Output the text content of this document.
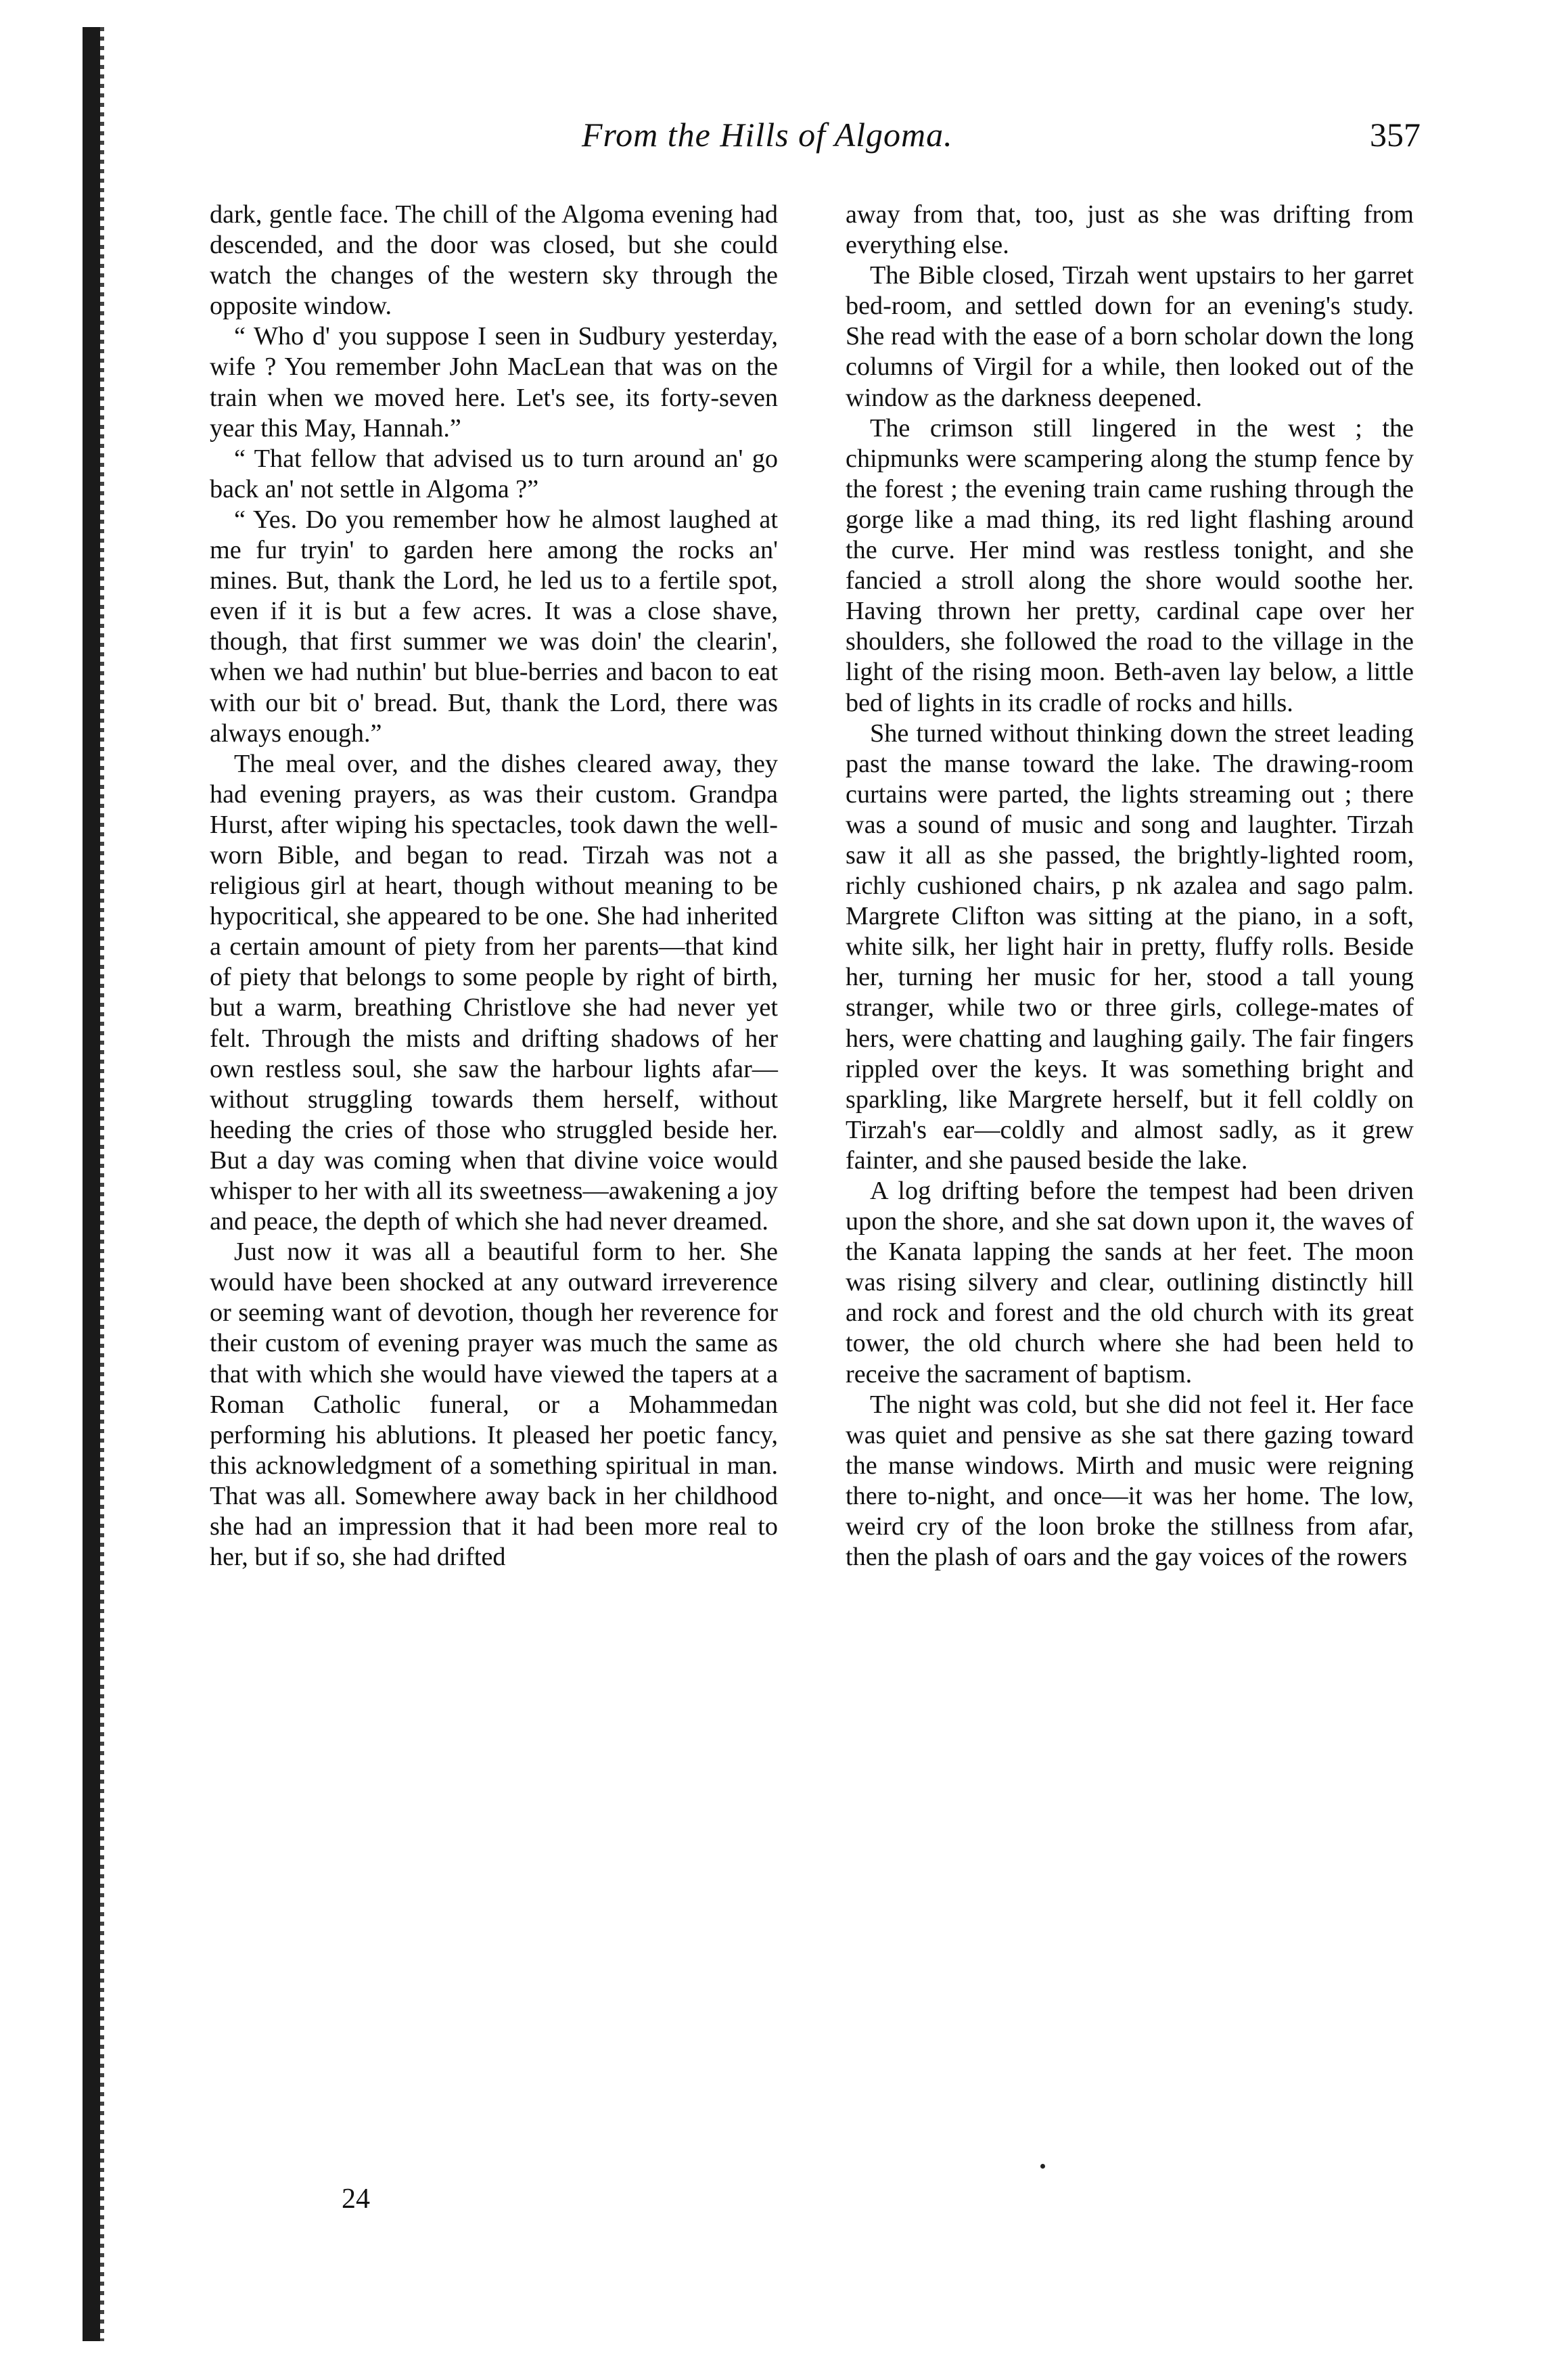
From the Hills of Algoma.	357

dark, gentle face. The chill of the Algoma evening had descended, and the door was closed, but she could watch the changes of the western sky through the opposite window.

“ Who d' you suppose I seen in Sudbury yesterday, wife ? You remember John MacLean that was on the train when we moved here. Let's see, its forty-seven year this May, Hannah.”

“ That fellow that advised us to turn around an' go back an' not settle in Algoma ?”

“ Yes. Do you remember how he almost laughed at me fur tryin' to garden here among the rocks an' mines. But, thank the Lord, he led us to a fertile spot, even if it is but a few acres. It was a close shave, though, that first summer we was doin' the clearin', when we had nuthin' but blue-berries and bacon to eat with our bit o' bread. But, thank the Lord, there was always enough.”

The meal over, and the dishes cleared away, they had evening prayers, as was their custom. Grandpa Hurst, after wiping his spectacles, took dawn the well-worn Bible, and began to read. Tirzah was not a religious girl at heart, though without meaning to be hypocritical, she appeared to be one. She had inherited a certain amount of piety from her parents—that kind of piety that belongs to some people by right of birth, but a warm, breathing Christlove she had never yet felt. Through the mists and drifting shadows of her own restless soul, she saw the harbour lights afar—without struggling towards them herself, without heeding the cries of those who struggled beside her. But a day was coming when that divine voice would whisper to her with all its sweetness—awakening a joy and peace, the depth of which she had never dreamed.

Just now it was all a beautiful form to her. She would have been shocked at any outward irreverence or seeming want of devotion, though her reverence for their custom of evening prayer was much the same as that with which she would have viewed the tapers at a Roman Catholic funeral, or a Mohammedan performing his ablutions. It pleased her poetic fancy, this acknowledgment of a something spiritual in man. That was all. Somewhere away back in her childhood she had an impression that it had been more real to her, but if so, she had drifted

away from that, too, just as she was drifting from everything else.

The Bible closed, Tirzah went upstairs to her garret bed-room, and settled down for an evening's study. She read with the ease of a born scholar down the long columns of Virgil for a while, then looked out of the window as the darkness deepened.

The crimson still lingered in the west ; the chipmunks were scampering along the stump fence by the forest ; the evening train came rushing through the gorge like a mad thing, its red light flashing around the curve. Her mind was restless tonight, and she fancied a stroll along the shore would soothe her. Having thrown her pretty, cardinal cape over her shoulders, she followed the road to the village in the light of the rising moon. Beth-aven lay below, a little bed of lights in its cradle of rocks and hills.

She turned without thinking down the street leading past the manse toward the lake. The drawing-room curtains were parted, the lights streaming out ; there was a sound of music and song and laughter. Tirzah saw it all as she passed, the brightly-lighted room, richly cushioned chairs, p nk azalea and sago palm. Margrete Clifton was sitting at the piano, in a soft, white silk, her light hair in pretty, fluffy rolls. Beside her, turning her music for her, stood a tall young stranger, while two or three girls, college-mates of hers, were chatting and laughing gaily. The fair fingers rippled over the keys. It was something bright and sparkling, like Margrete herself, but it fell coldly on Tirzah's ear—coldly and almost sadly, as it grew fainter, and she paused beside the lake.

A log drifting before the tempest had been driven upon the shore, and she sat down upon it, the waves of the Kanata lapping the sands at her feet. The moon was rising silvery and clear, outlining distinctly hill and rock and forest and the old church with its great tower, the old church where she had been held to receive the sacrament of baptism.

The night was cold, but she did not feel it. Her face was quiet and pensive as she sat there gazing toward the manse windows. Mirth and music were reigning there to-night, and once—it was her home. The low, weird cry of the loon broke the stillness from afar, then the plash of oars and the gay voices of the rowers

24
